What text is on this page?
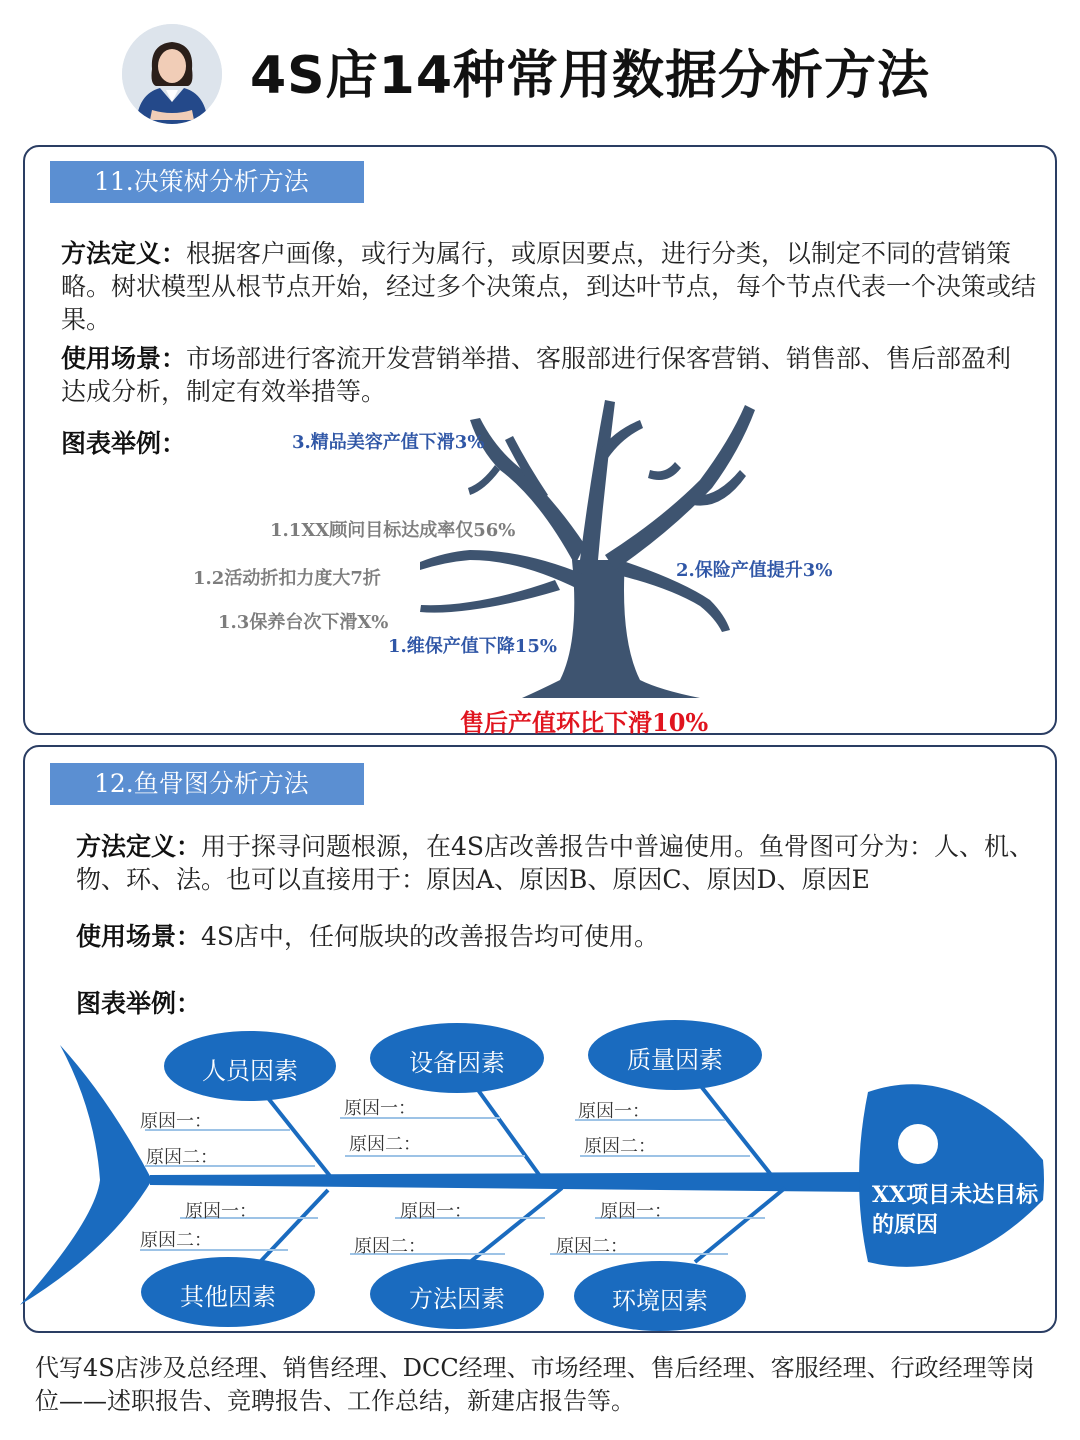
4S店14种常用数据分析方法
11.决策树分析方法
方法定义：根据客户画像，或行为属行，或原因要点，进行分类，以制定不同的营销策略。树状模型从根节点开始，经过多个决策点，到达叶节点，每个节点代表一个决策或结果。
使用场景：市场部进行客流开发营销举措、客服部进行保客营销、销售部、售后部盈利达成分析，制定有效举措等。
图表举例：	3.精品美容产值下滑3%
1.1XX顾问目标达成率仅56%
1.2活动折扣力度大7折
1.3保养台次下滑X%
2.保险产值提升3%
1.维保产值下降15%
售后产值环比下滑10%
12.鱼骨图分析方法
方法定义：用于探寻问题根源，在4S店改善报告中普遍使用。鱼骨图可分为：人、机、物、环、法。也可以直接用于：原因A、原因B、原因C、原因D、原因E
使用场景：4S店中，任何版块的改善报告均可使用。
图表举例：
人员因素	设备因素	质量因素
其他因素	方法因素	环境因素
原因一：
原因二：
原因一：
原因二：
原因一：
原因二：
原因一：
原因二：
原因一：
原因二：
原因一：
原因二：
XX项目未达目标的原因
代写4S店涉及总经理、销售经理、DCC经理、市场经理、售后经理、客服经理、行政经理等岗位——述职报告、竞聘报告、工作总结，新建店报告等。
